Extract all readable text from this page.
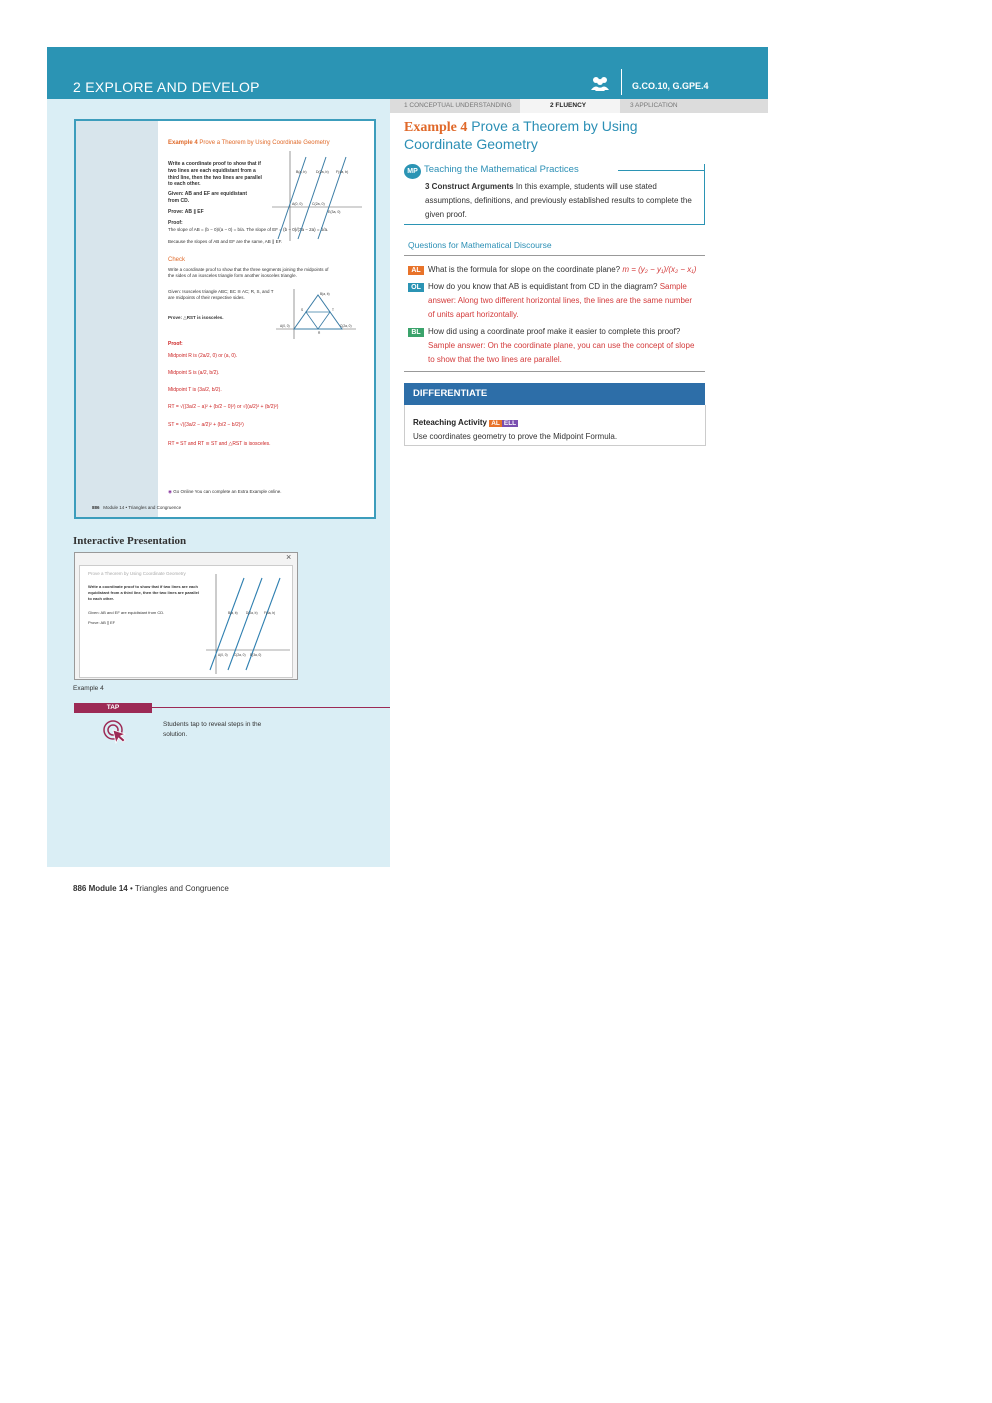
2 EXPLORE AND DEVELOP	G.CO.10, G.GPE.4
1 CONCEPTUAL UNDERSTANDING	2 FLUENCY	3 APPLICATION
Example 4 Prove a Theorem by Using Coordinate Geometry
Write a coordinate proof to show that if two lines are each equidistant from a third line, then the two lines are parallel to each other.
Given: AB and EF are equidistant from CD.
Prove: AB ∥ EF
Proof:
The slope of AB = (b − 0)/(a − 0) = b/a. The slope of EF = (b − 0)/(3a − 2a) = b/a.
Because the slopes of AB and EF are the same, AB ∥ EF.
A(0, 0)
B(a, b)
C(2a, 0)
D(2a, b)
E(3a, 0)
F(4a, b)
Check
Write a coordinate proof to show that the three segments joining the midpoints of the sides of an isosceles triangle form another isosceles triangle.
Given: Isosceles triangle ABC; BC ≅ AC; R, S, and T are midpoints of their respective sides.
Prove: △RST is isosceles.
A(0, 0)
B(a, b)
C(2a, 0)
R
S	T
Proof:
Midpoint R is (2a/2, 0) or (a, 0).
Midpoint S is (a/2, b/2).
Midpoint T is (3a/2, b/2).
RT = √((3a/2 − a)² + (b/2 − 0)²) or √((a/2)² + (b/2)²)
ST = √((3a/2 − a/2)² + (b/2 − b/2)²)
RT = ST and RT ≅ ST and △RST is isosceles.
◉ Go Online You can complete an Extra Example online.
886 Module 14 • Triangles and Congruence
Interactive Presentation
×
Prove a Theorem by Using Coordinate Geometry
Write a coordinate proof to show that if two lines are each equidistant from a third line, then the two lines are parallel to each other.
Given: AB and EF are equidistant from CD.
Prove: AB ∥ EF
A(0, 0)
B(a, b)
C(2a, 0)
D(2a, b)
E(3a, 0)
F(4a, b)
Example 4
TAP
Students tap to reveal steps in the solution.
Example 4 Prove a Theorem by Using Coordinate Geometry
MP Teaching the Mathematical Practices
3 Construct Arguments In this example, students will use stated assumptions, definitions, and previously established results to complete the given proof.
Questions for Mathematical Discourse
AL What is the formula for slope on the coordinate plane? m = (y₂ − y₁)/(x₂ − x₁)
OL How do you know that AB is equidistant from CD in the diagram? Sample answer: Along two different horizontal lines, the lines are the same number of units apart horizontally.
BL How did using a coordinate proof make it easier to complete this proof? Sample answer: On the coordinate plane, you can use the concept of slope to show that the two lines are parallel.
DIFFERENTIATE
Reteaching Activity AL ELL
Use coordinates geometry to prove the Midpoint Formula.
886 Module 14 • Triangles and Congruence
